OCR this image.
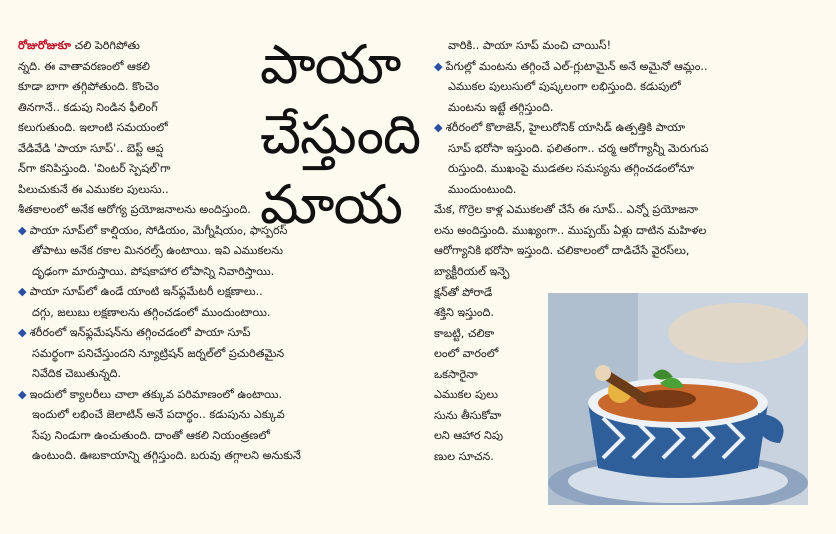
రోజురోజుకూ చలి పెరిగిపోతు
న్నది. ఈ వాతావరణంలో ఆకలి
కూడా బాగా తగ్గిపోతుంది. కొంచెం
తినగానే.. కడుపు నిండిన ఫీలింగ్
కలుగుతుంది. ఇలాంటి సమయంలో
వేడివేడి 'పాయా సూప్'.. బెస్ట్ ఆప్ష
న్‌గా కనిపిస్తుంది. 'వింటర్ స్పెషల్'గా
పిలుచుకునే ఈ ఎముకల పులుసు..
పాయా
చేస్తుంది
మాయ
శీతకాలంలో అనేక ఆరోగ్య ప్రయోజనాలను అందిస్తుంది.
◆ పాయా సూప్‌లో కాల్షియం, సోడియం, మెగ్నీషియం, ఫాస్పరస్
తోపాటు అనేక రకాల మినరల్స్ ఉంటాయి. ఇవి ఎముకలను
దృఢంగా మారుస్తాయి. పోషకాహార లోపాన్ని నివారిస్తాయి.
◆ పాయా సూప్‌లో ఉండే యాంటి ఇన్‌ఫ్లమేటరీ లక్షణాలు..
దగ్గు, జలుబు లక్షణాలను తగ్గించడంలో ముందుంటాయి.
◆ శరీరంలో ఇన్‌ఫ్లమేషన్‌ను తగ్గించడంలో పాయా సూప్
సమర్థంగా పనిచేస్తుందని న్యూట్రిషన్ జర్నల్‌లో ప్రచురితమైన
నివేదిక చెబుతున్నది.
◆ ఇందులో క్యాలరీలు చాలా తక్కువ పరిమాణంలో ఉంటాయి.
ఇందులో లభించే జెలాటిన్ అనే పదార్థం.. కడుపును ఎక్కువ
సేపు నిండుగా ఉంచుతుంది. దాంతో ఆకలి నియంత్రణలో
ఉంటుంది. ఊబకాయాన్ని తగ్గిస్తుంది. బరువు తగ్గాలని అనుకునే
వారికి.. పాయా సూప్ మంచి చాయిస్!
◆ పేగుల్లో మంటను తగ్గించే ఎల్-గ్లుటామైన్ అనే అమైనో ఆమ్లం..
ఎముకల పులుసులో పుష్కలంగా లభిస్తుంది. కడుపులో
మంటను ఇట్టే తగ్గిస్తుంది.
◆ శరీరంలో కొలాజెన్, హైలురోనిక్ యాసిడ్ ఉత్పత్తికి పాయా
సూప్ భరోసా ఇస్తుంది. ఫలితంగా.. చర్మ ఆరోగ్యాన్నీ మెరుగుప
రుస్తుంది. ముఖంపై ముడతల సమస్యను తగ్గించడంలోనూ
ముందుంటుంది.
మేక, గొర్రెల కాళ్ల ఎముకలతో చేసే ఈ సూప్.. ఎన్నో ప్రయోజనా
లను అందిస్తుంది. ముఖ్యంగా.. ముప్పయ్ ఏళ్లు దాటిన మహిళల
ఆరోగ్యానికి భరోసా ఇస్తుంది. చలికాలంలో దాడిచేసే వైరస్‌లు,
బ్యాక్టీరియల్ ఇన్ఫె
క్షన్‌తో పోరాడే
శక్తిని ఇస్తుంది.
కాబట్టి, చలికా
లంలో వారంలో
ఒకసారైనా
ఎముకల పులు
సును తీసుకోవా
లని ఆహార నిపు
ణుల సూచన.
